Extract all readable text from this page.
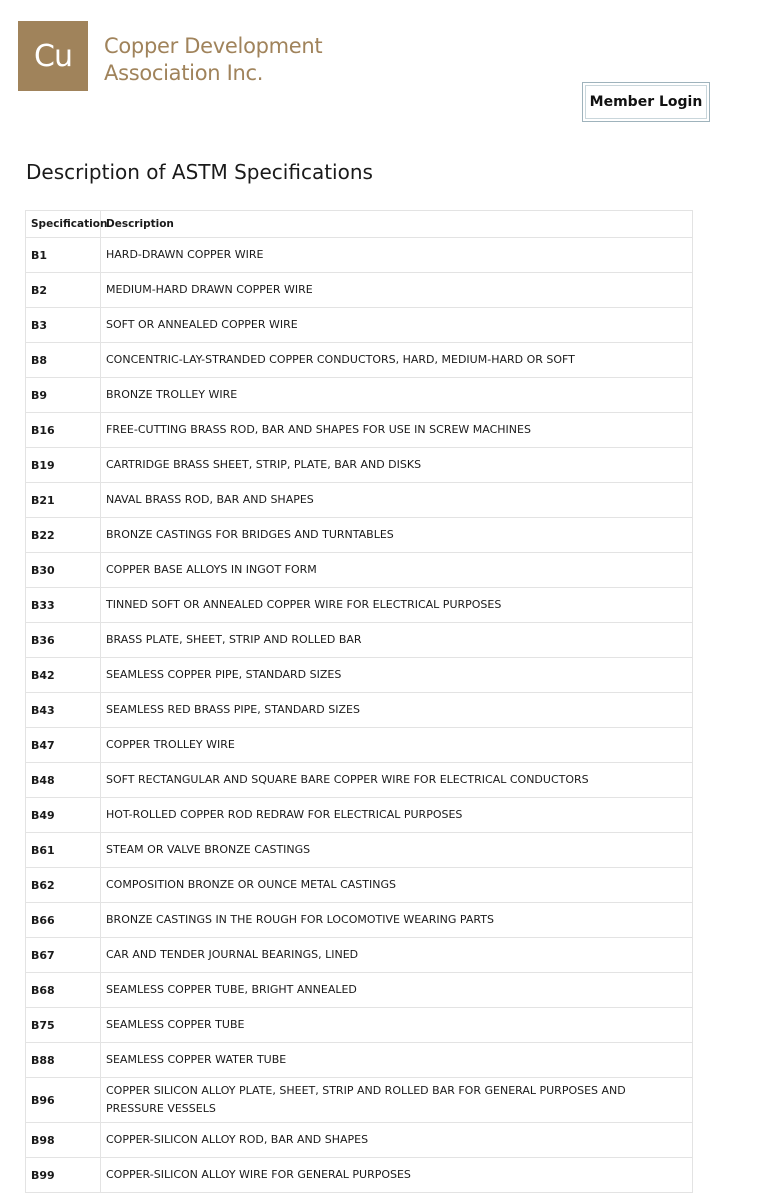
Cu Copper Development
Association Inc.
Member Login
Description of ASTM Specifications
Specification	Description
B1	HARD-DRAWN COPPER WIRE
B2	MEDIUM-HARD DRAWN COPPER WIRE
B3	SOFT OR ANNEALED COPPER WIRE
B8	CONCENTRIC-LAY-STRANDED COPPER CONDUCTORS, HARD, MEDIUM-HARD OR SOFT
B9	BRONZE TROLLEY WIRE
B16	FREE-CUTTING BRASS ROD, BAR AND SHAPES FOR USE IN SCREW MACHINES
B19	CARTRIDGE BRASS SHEET, STRIP, PLATE, BAR AND DISKS
B21	NAVAL BRASS ROD, BAR AND SHAPES
B22	BRONZE CASTINGS FOR BRIDGES AND TURNTABLES
B30	COPPER BASE ALLOYS IN INGOT FORM
B33	TINNED SOFT OR ANNEALED COPPER WIRE FOR ELECTRICAL PURPOSES
B36	BRASS PLATE, SHEET, STRIP AND ROLLED BAR
B42	SEAMLESS COPPER PIPE, STANDARD SIZES
B43	SEAMLESS RED BRASS PIPE, STANDARD SIZES
B47	COPPER TROLLEY WIRE
B48	SOFT RECTANGULAR AND SQUARE BARE COPPER WIRE FOR ELECTRICAL CONDUCTORS
B49	HOT-ROLLED COPPER ROD REDRAW FOR ELECTRICAL PURPOSES
B61	STEAM OR VALVE BRONZE CASTINGS
B62	COMPOSITION BRONZE OR OUNCE METAL CASTINGS
B66	BRONZE CASTINGS IN THE ROUGH FOR LOCOMOTIVE WEARING PARTS
B67	CAR AND TENDER JOURNAL BEARINGS, LINED
B68	SEAMLESS COPPER TUBE, BRIGHT ANNEALED
B75	SEAMLESS COPPER TUBE
B88	SEAMLESS COPPER WATER TUBE
B96	COPPER SILICON ALLOY PLATE, SHEET, STRIP AND ROLLED BAR FOR GENERAL PURPOSES AND PRESSURE VESSELS
B98	COPPER-SILICON ALLOY ROD, BAR AND SHAPES
B99	COPPER-SILICON ALLOY WIRE FOR GENERAL PURPOSES
